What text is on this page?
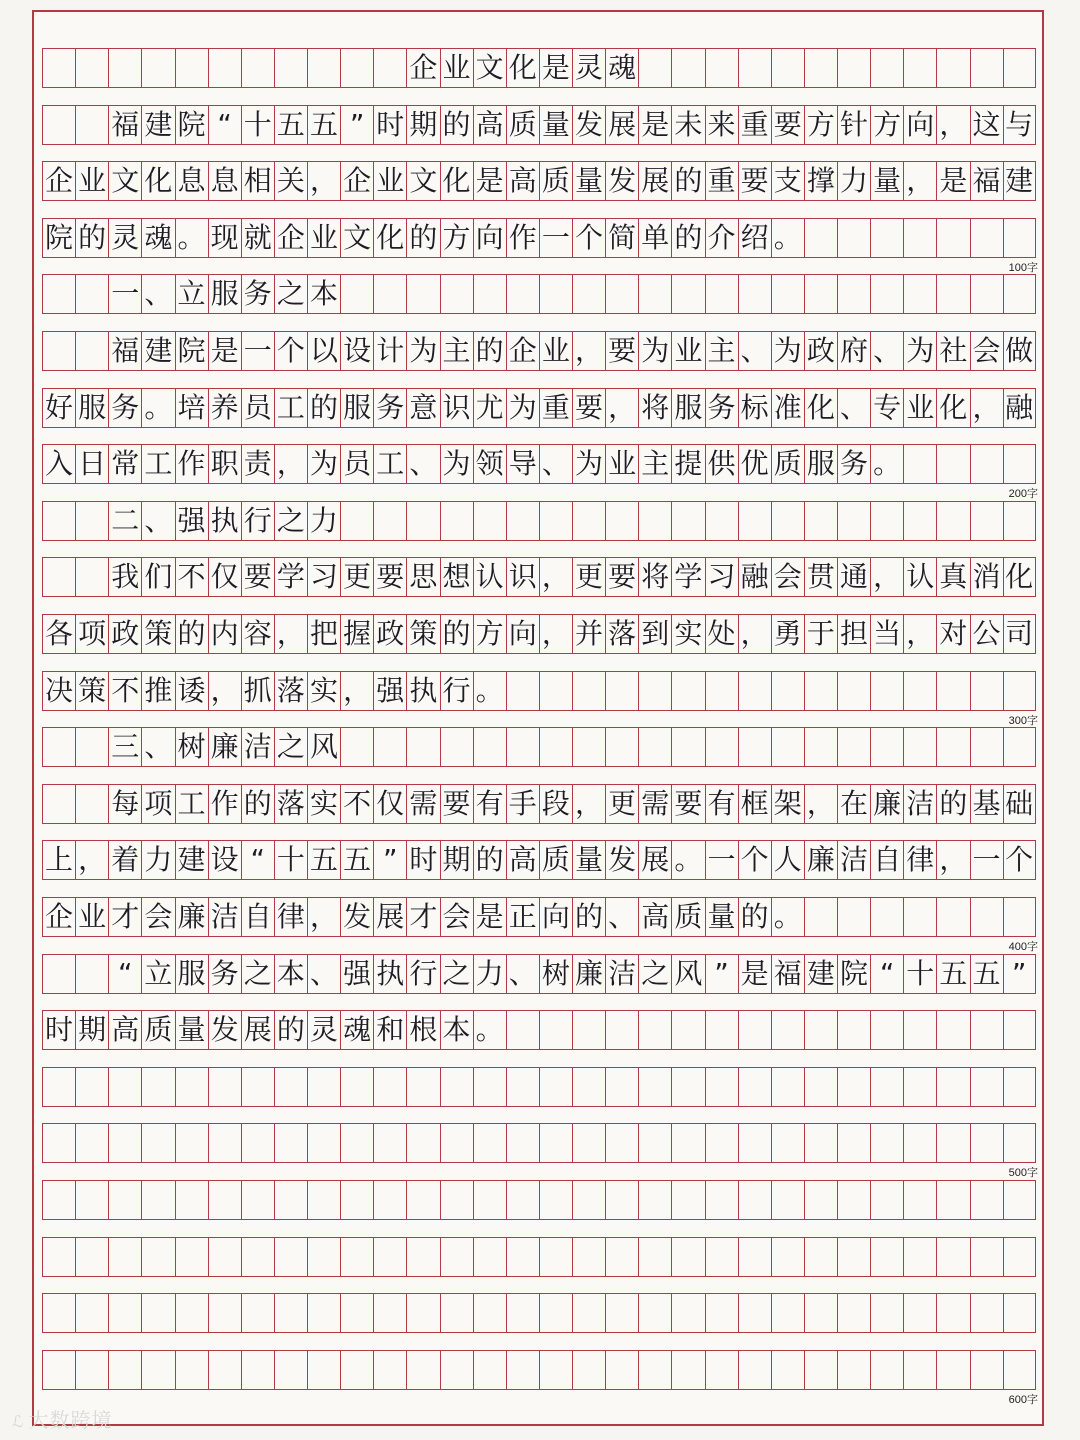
企 业 文 化 是 灵 魂
福 建 院 “ 十 五 五 ” 时 期 的 高 质 量 发 展 是 未 来 重 要 方 针 方 向 ， 这 与
企 业 文 化 息 息 相 关 ， 企 业 文 化 是 高 质 量 发 展 的 重 要 支 撑 力 量 ， 是 福 建
100字
院 的 灵 魂 。 现 就 企 业 文 化 的 方 向 作 一 个 简 单 的 介 绍 。
一 、 立 服 务 之 本
福 建 院 是 一 个 以 设 计 为 主 的 企 业 ， 要 为 业 主 、 为 政 府 、 为 社 会 做
好 服 务 。 培 养 员 工 的 服 务 意 识 尤 为 重 要 ， 将 服 务 标 准 化 、 专 业 化 ， 融
200字
入 日 常 工 作 职 责 ， 为 员 工 、 为 领 导 、 为 业 主 提 供 优 质 服 务 。
二 、 强 执 行 之 力
我 们 不 仅 要 学 习 更 要 思 想 认 识 ， 更 要 将 学 习 融 会 贯 通 ， 认 真 消 化
各 项 政 策 的 内 容 ， 把 握 政 策 的 方 向 ， 并 落 到 实 处 ， 勇 于 担 当 ， 对 公 司
300字
决 策 不 推 诿 ， 抓 落 实 ， 强 执 行 。
三 、 树 廉 洁 之 风
每 项 工 作 的 落 实 不 仅 需 要 有 手 段 ， 更 需 要 有 框 架 ， 在 廉 洁 的 基 础
上 ， 着 力 建 设 “ 十 五 五 ” 时 期 的 高 质 量 发 展 。 一 个 人 廉 洁 自 律 ， 一 个
400字
企 业 才 会 廉 洁 自 律 ， 发 展 才 会 是 正 向 的 、 高 质 量 的 。
“ 立 服 务 之 本 、 强 执 行 之 力 、 树 廉 洁 之 风 ” 是 福 建 院 “ 十 五 五 ”
时 期 高 质 量 发 展 的 灵 魂 和 根 本 。
500字
600字
ℒ 大数跨境
